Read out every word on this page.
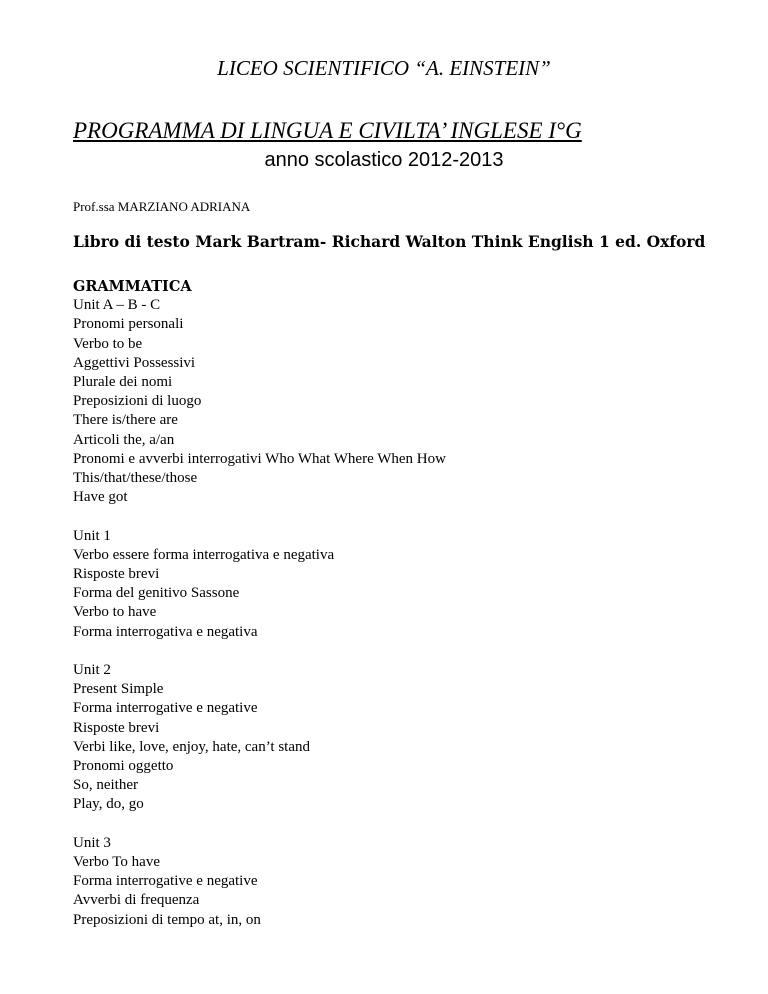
LICEO SCIENTIFICO “A. EINSTEIN”

PROGRAMMA DI LINGUA E CIVILTA’ INGLESE I°G

anno scolastico 2012-2013

Prof.ssa MARZIANO ADRIANA

Libro di testo Mark Bartram- Richard Walton Think English 1 ed. Oxford

GRAMMATICA
Unit A – B - C
Pronomi personali
Verbo to be
Aggettivi Possessivi
Plurale dei nomi
Preposizioni di luogo
There is/there are
Articoli the, a/an
Pronomi e avverbi interrogativi Who What Where When How
This/that/these/those
Have got
Unit 1
Verbo essere forma interrogativa e negativa
Risposte brevi
Forma del genitivo Sassone
Verbo to have
Forma interrogativa e negativa
Unit 2
Present Simple
Forma interrogative e negative
Risposte brevi
Verbi like, love, enjoy, hate, can’t stand
Pronomi oggetto
So, neither
Play, do, go
Unit 3
Verbo To have
Forma interrogative e negative
Avverbi di frequenza
Preposizioni di tempo at, in, on
